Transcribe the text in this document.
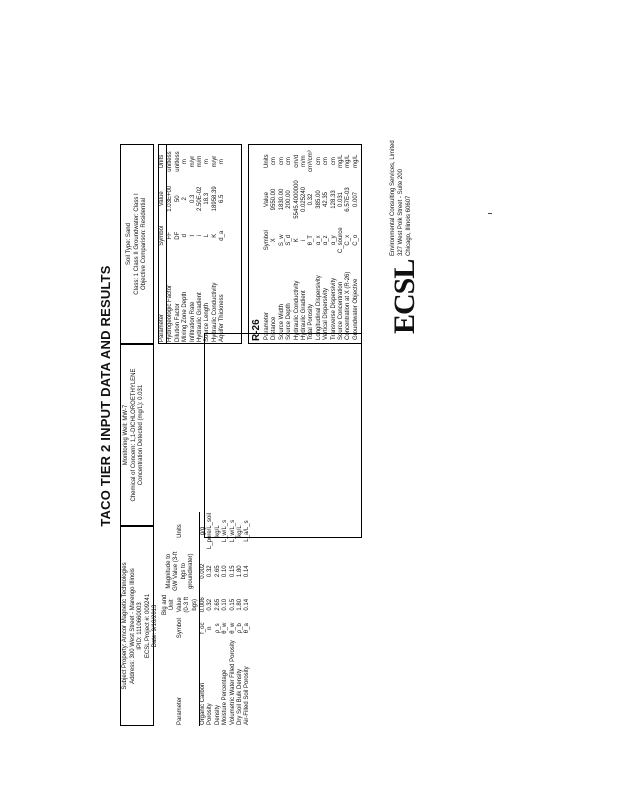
TACO TIER 2 INPUT DATA AND RESULTS
Subject Property: Amcor Magnetic Technologies Address: 300 West Street - Marengo Illinois IPID: 1110660003 ECSL Project #: 009241 Date: 9/10/2013
Monitoring Well: MW-7 Chemical of Concern: 1,1-DICHLOROETHYLENE Concentration Detected (mg/L): 0.031
Soil Type: Sand Class: 1 Class II Groundwater: Class I Objective Comparison: Residential
Parameter	Symbol	Big and Unit Value (0-3 ft bgs)	Magnitude to GW Value (3-ft bgs to groundwater)	Units
Organic Carbon	f_oc	0.006	0.002	g/g
Porosity	n	0.32	0.32	L_pore/L_soil
Density	ρ_s	2.65	2.65	kg/L
Moisture Percentage	θ_w	0.10	0.10	L_w/L_s
Volumetric Water Filled Porosity	θ_w	0.15	0.15	L_w/L_s
Dry Soil Bulk Density	ρ_b	1.80	1.80	kg/L
Air-Filled Soil Porosity	θ_a	0.14	0.14	L_a/L_s
Parameter	Symbol	Value	Units
Hydrogeologic Factor	FF	1.03E+00	unitless
Dilution Factor	DF	50	unitless
Mixing Zone Depth	d	2	m
Infiltration Rate	I	0.3	m/yr
Hydraulic Gradient	i	2.50E-02	m/m
Source Length	L	18.3	m
Hydraulic Conductivity	K	18958.39	m/yr
Aquifer Thickness	d_a	6.5	m
R-26 Parameter	Symbol	Value	Units
Distance	X	9550.00	cm
Source Width	S_w	1830.00	cm
Source Depth	S_d	200.00	cm
Hydraulic Conductivity	K	5545.4000000	cm/d
Hydraulic Gradient	i	0.025240	m/m
Total Porosity	θ_T	0.32	cm³/cm³
Longitudinal Dispersivity	α_x	385.00	cm
Vertical Dispersivity	α_z	42.35	cm
Transverse Dispersivity	α_y	128.33	cm
Source Concentration	C_source	0.031	mg/L
Concentration at X (R-26)	C_x	6.57E-03	mg/L
Groundwater Objective	C_o	0.007	mg/L
ECSL
Environmental Consulting Services, Limited 327 West Polk Street - Suite 200 Chicago, Illinois 60607
